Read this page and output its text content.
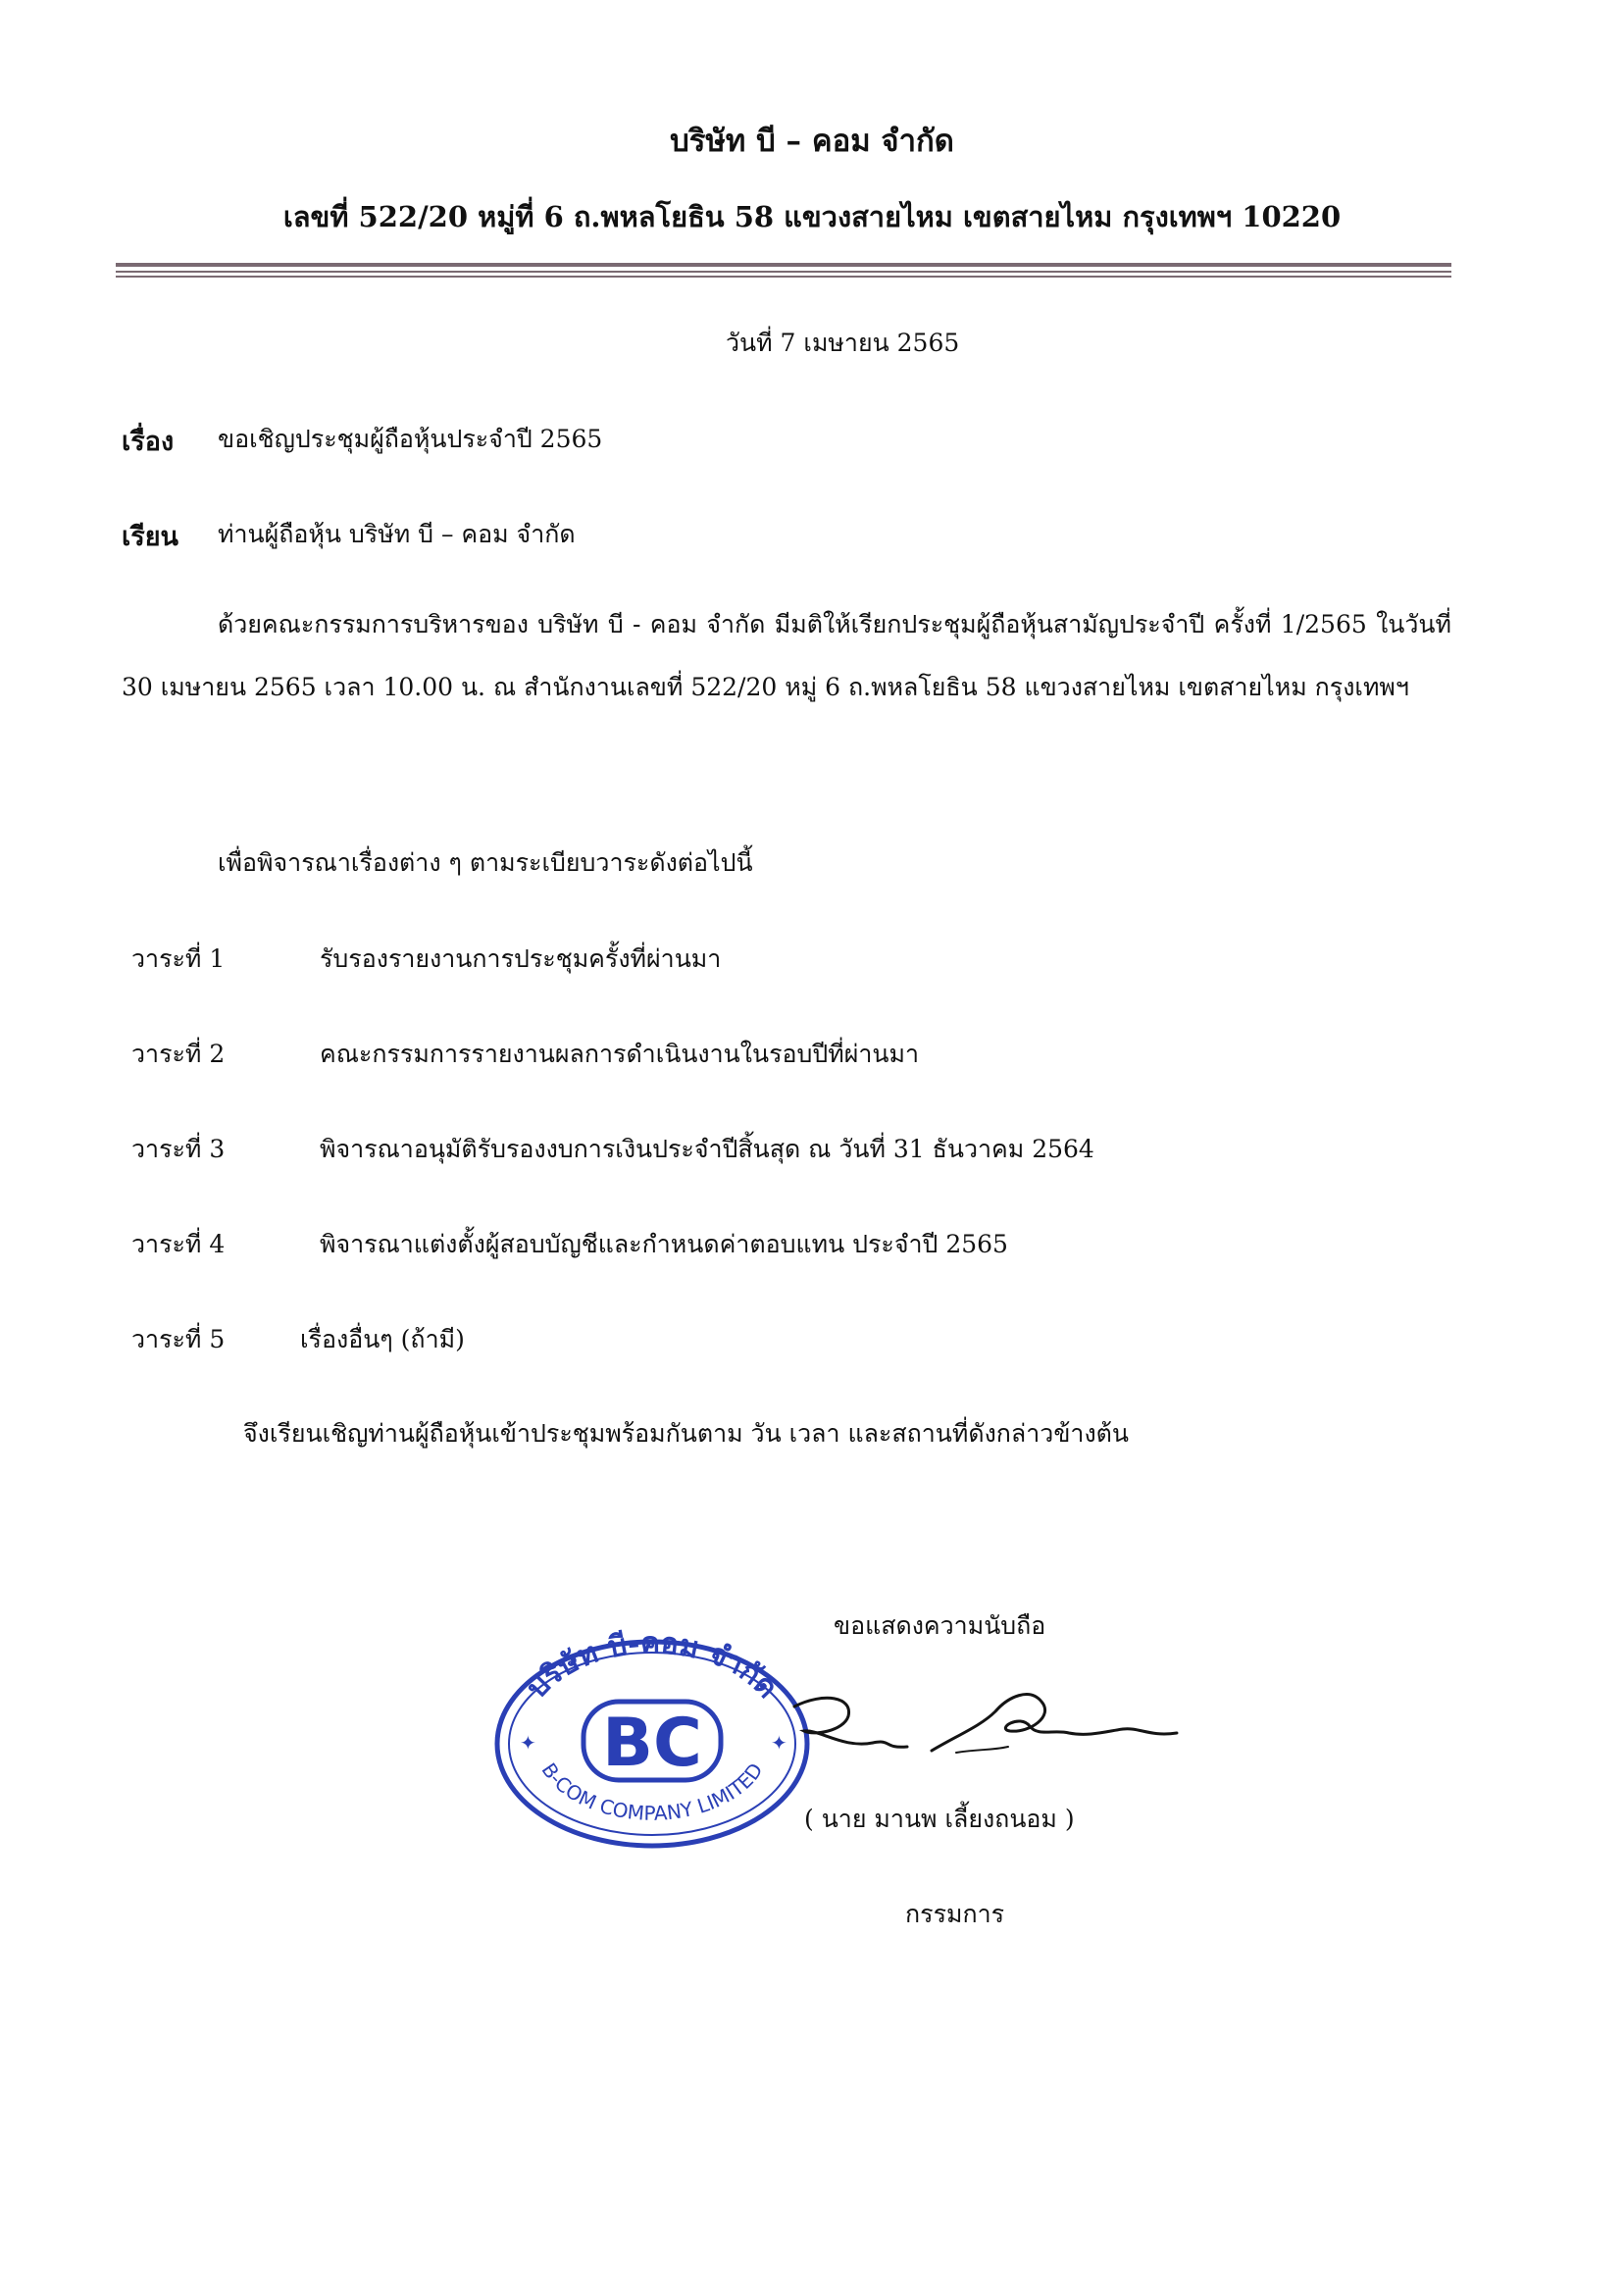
บริษัท บี – คอม จำกัด
เลขที่ 522/20 หมู่ที่ 6 ถ.พหลโยธิน 58 แขวงสายไหม เขตสายไหม กรุงเทพฯ 10220
วันที่ 7 เมษายน 2565
เรื่อง ขอเชิญประชุมผู้ถือหุ้นประจำปี 2565
เรียน ท่านผู้ถือหุ้น บริษัท บี – คอม จำกัด
ด้วยคณะกรรมการบริหารของ บริษัท บี - คอม จำกัด มีมติให้เรียกประชุมผู้ถือหุ้นสามัญประจำปี ครั้งที่ 1/2565 ในวันที่ 30 เมษายน 2565 เวลา 10.00 น. ณ สำนักงานเลขที่ 522/20 หมู่ 6 ถ.พหลโยธิน 58 แขวงสายไหม เขตสายไหม กรุงเทพฯ
เพื่อพิจารณาเรื่องต่าง ๆ ตามระเบียบวาระดังต่อไปนี้
วาระที่ 1	รับรองรายงานการประชุมครั้งที่ผ่านมา
วาระที่ 2	คณะกรรมการรายงานผลการดำเนินงานในรอบปีที่ผ่านมา
วาระที่ 3	พิจารณาอนุมัติรับรองงบการเงินประจำปีสิ้นสุด ณ วันที่ 31 ธันวาคม 2564
วาระที่ 4	พิจารณาแต่งตั้งผู้สอบบัญชีและกำหนดค่าตอบแทน ประจำปี 2565
วาระที่ 5	เรื่องอื่นๆ (ถ้ามี)
จึงเรียนเชิญท่านผู้ถือหุ้นเข้าประชุมพร้อมกันตาม วัน เวลา และสถานที่ดังกล่าวข้างต้น
ขอแสดงความนับถือ
บริษัท บี-คอม จำกัด
B-COM COMPANY LIMITED
BC
✦	✦
( นาย มานพ เลี้ยงถนอม )
กรรมการ
